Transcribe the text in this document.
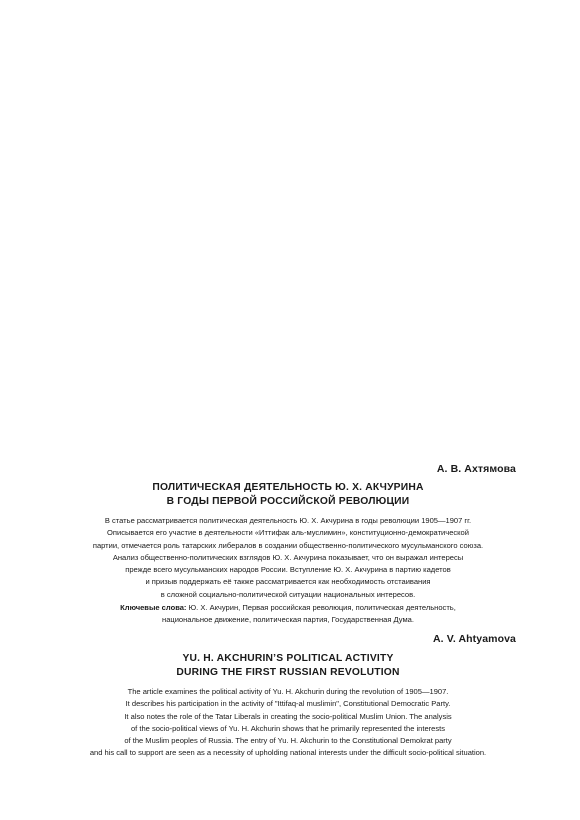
А. В. Ахтямова
ПОЛИТИЧЕСКАЯ ДЕЯТЕЛЬНОСТЬ Ю. Х. АКЧУРИНА
В ГОДЫ ПЕРВОЙ РОССИЙСКОЙ РЕВОЛЮЦИИ
В статье рассматривается политическая деятельность Ю. Х. Акчурина в годы революции 1905—1907 гг.
Описывается его участие в деятельности «Иттифак аль-муслимин», конституционно-демократической
партии, отмечается роль татарских либералов в создании общественно-политического мусульманского союза.
Анализ общественно-политических взглядов Ю. Х. Акчурина показывает, что он выражал интересы
прежде всего мусульманских народов России. Вступление Ю. Х. Акчурина в партию кадетов
и призыв поддержать её также рассматривается как необходимость отстаивания
в сложной социально-политической ситуации национальных интересов.
Ключевые слова: Ю. Х. Акчурин, Первая российская революция, политическая деятельность,
национальное движение, политическая партия, Государственная Дума.
A. V. Ahtyamova
YU. H. AKCHURIN’S POLITICAL ACTIVITY
DURING THE FIRST RUSSIAN REVOLUTION
The article examines the political activity of Yu. H. Akchurin during the revolution of 1905—1907.
It describes his participation in the activity of "Ittifaq-al muslimin", Constitutional Democratic Party.
It also notes the role of the Tatar Liberals in creating the socio-political Muslim Union. The analysis
of the socio-political views of Yu. H. Akchurin shows that he primarily represented the interests
of the Muslim peoples of Russia. The entry of Yu. H. Akchurin to the Constitutional Demokrat party
and his call to support are seen as a necessity of upholding national interests under the difficult socio-political situation.
